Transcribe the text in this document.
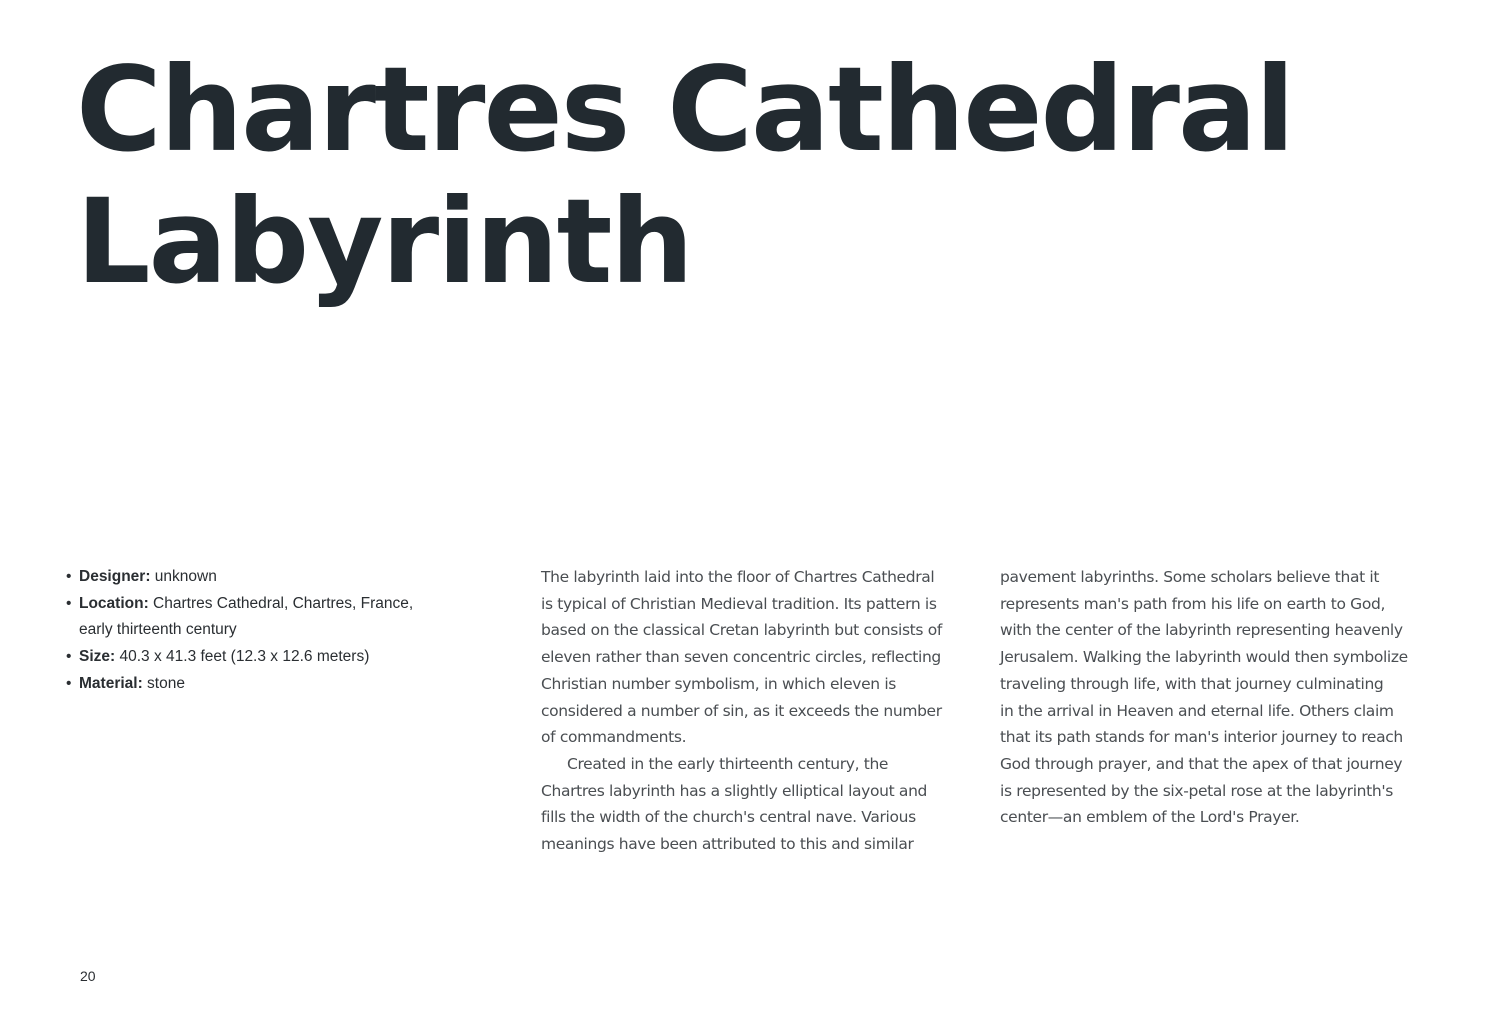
Chartres Cathedral
Labyrinth
• Designer: unknown
• Location: Chartres Cathedral, Chartres, France,
early thirteenth century
• Size: 40.3 x 41.3 feet (12.3 x 12.6 meters)
• Material: stone

The labyrinth laid into the floor of Chartres Cathedral
is typical of Christian Medieval tradition. Its pattern is
based on the classical Cretan labyrinth but consists of
eleven rather than seven concentric circles, reflecting
Christian number symbolism, in which eleven is
considered a number of sin, as it exceeds the number
of commandments.

Created in the early thirteenth century, the
Chartres labyrinth has a slightly elliptical layout and
fills the width of the church's central nave. Various
meanings have been attributed to this and similar

pavement labyrinths. Some scholars believe that it
represents man's path from his life on earth to God,
with the center of the labyrinth representing heavenly
Jerusalem. Walking the labyrinth would then symbolize
traveling through life, with that journey culminating
in the arrival in Heaven and eternal life. Others claim
that its path stands for man's interior journey to reach
God through prayer, and that the apex of that journey
is represented by the six-petal rose at the labyrinth's
center—an emblem of the Lord's Prayer.

20
